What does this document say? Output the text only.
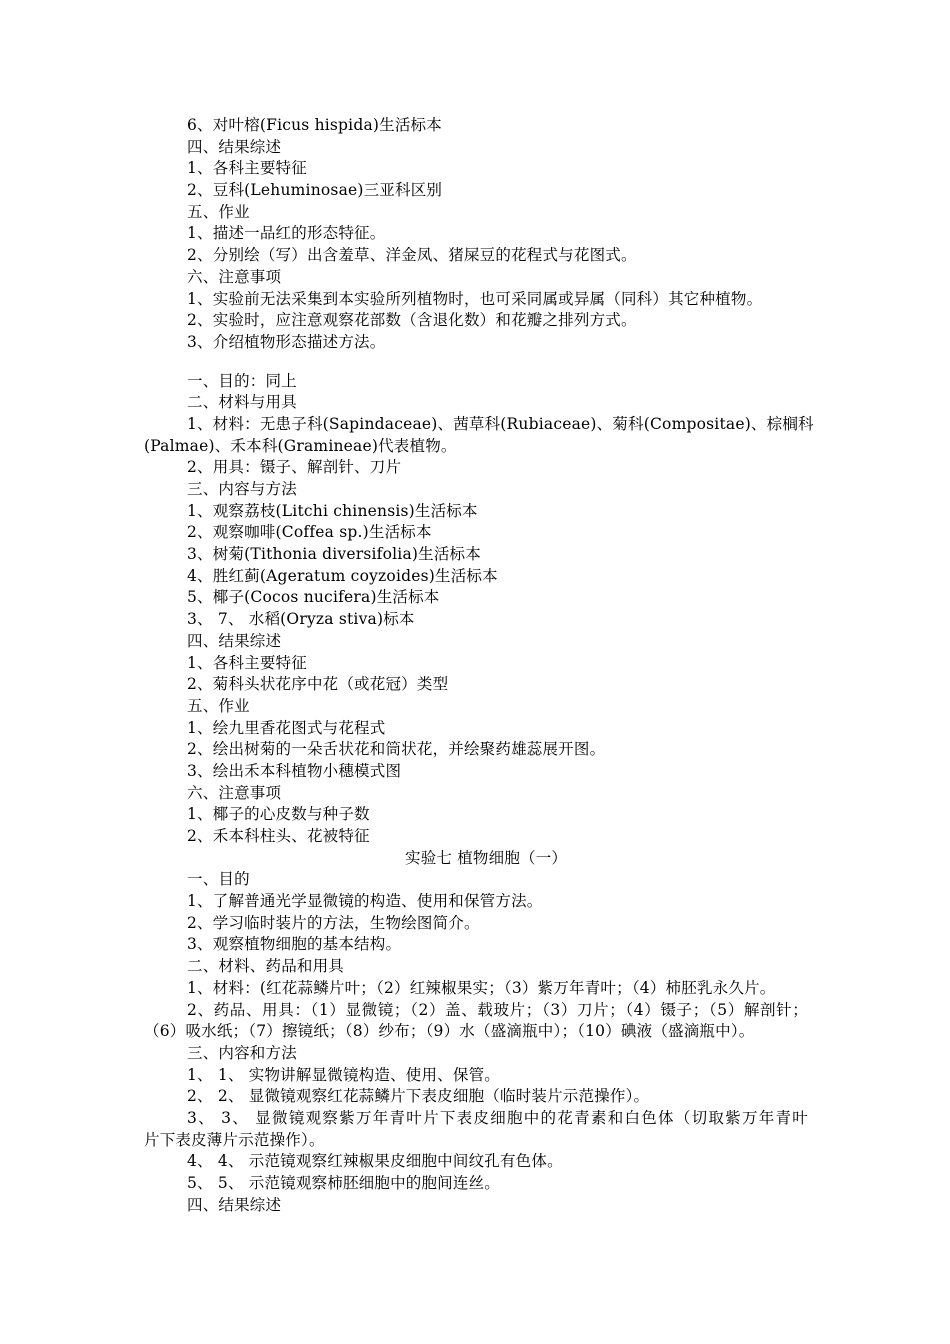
6、对叶榕(Ficus hispida)生活标本
四、结果综述
1、各科主要特征
2、豆科(Lehuminosae)三亚科区别
五、作业
1、描述一品红的形态特征。
2、分别绘（写）出含羞草、洋金凤、猪屎豆的花程式与花图式。
六、注意事项
1、实验前无法采集到本实验所列植物时，也可采同属或异属（同科）其它种植物。
2、实验时，应注意观察花部数（含退化数）和花瓣之排列方式。
3、介绍植物形态描述方法。
一、目的：同上
二、材料与用具
1、材料：无患子科(Sapindaceae)、茜草科(Rubiaceae)、菊科(Compositae)、棕榈科
(Palmae)、禾本科(Gramineae)代表植物。
2、用具：镊子、解剖针、刀片
三、内容与方法
1、观察荔枝(Litchi chinensis)生活标本
2、观察咖啡(Coffea sp.)生活标本
3、树菊(Tithonia diversifolia)生活标本
4、胜红蓟(Ageratum coyzoides)生活标本
5、椰子(Cocos nucifera)生活标本
3、 7、 水稻(Oryza stiva)标本
四、结果综述
1、各科主要特征
2、菊科头状花序中花（或花冠）类型
五、作业
1、绘九里香花图式与花程式
2、绘出树菊的一朵舌状花和筒状花，并绘聚药雄蕊展开图。
3、绘出禾本科植物小穗模式图
六、注意事项
1、椰子的心皮数与种子数
2、禾本科柱头、花被特征
实验七 植物细胞（一）
一、目的
1、了解普通光学显微镜的构造、使用和保管方法。
2、学习临时装片的方法，生物绘图简介。
3、观察植物细胞的基本结构。
二、材料、药品和用具
1、材料：(红花蒜鳞片叶；（2）红辣椒果实；（3）紫万年青叶；（4）柿胚乳永久片。
2、药品、用具：（1）显微镜；（2）盖、载玻片；（3）刀片；（4）镊子；（5）解剖针；
（6）吸水纸；（7）擦镜纸；（8）纱布；（9）水（盛滴瓶中）；（10）碘液（盛滴瓶中）。
三、内容和方法
1、 1、 实物讲解显微镜构造、使用、保管。
2、 2、 显微镜观察红花蒜鳞片下表皮细胞（临时装片示范操作）。
3、 3、 显微镜观察紫万年青叶片下表皮细胞中的花青素和白色体（切取紫万年青叶
片下表皮薄片示范操作）。
4、 4、 示范镜观察红辣椒果皮细胞中间纹孔有色体。
5、 5、 示范镜观察柿胚细胞中的胞间连丝。
四、结果综述
